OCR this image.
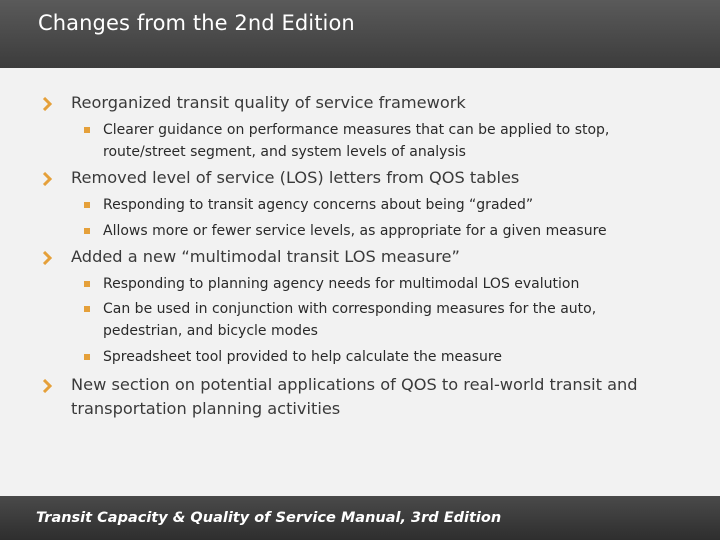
Changes from the 2nd Edition
Reorganized transit quality of service framework
Clearer guidance on performance measures that can be applied to stop, route/street segment, and system levels of analysis
Removed level of service (LOS) letters from QOS tables
Responding to transit agency concerns about being “graded”
Allows more or fewer service levels, as appropriate for a given measure
Added a new “multimodal transit LOS measure”
Responding to planning agency needs for multimodal LOS evalution
Can be used in conjunction with corresponding measures for the auto, pedestrian, and bicycle modes
Spreadsheet tool provided to help calculate the measure
New section on potential applications of QOS to real-world transit and transportation planning activities
Transit Capacity & Quality of Service Manual, 3rd Edition
